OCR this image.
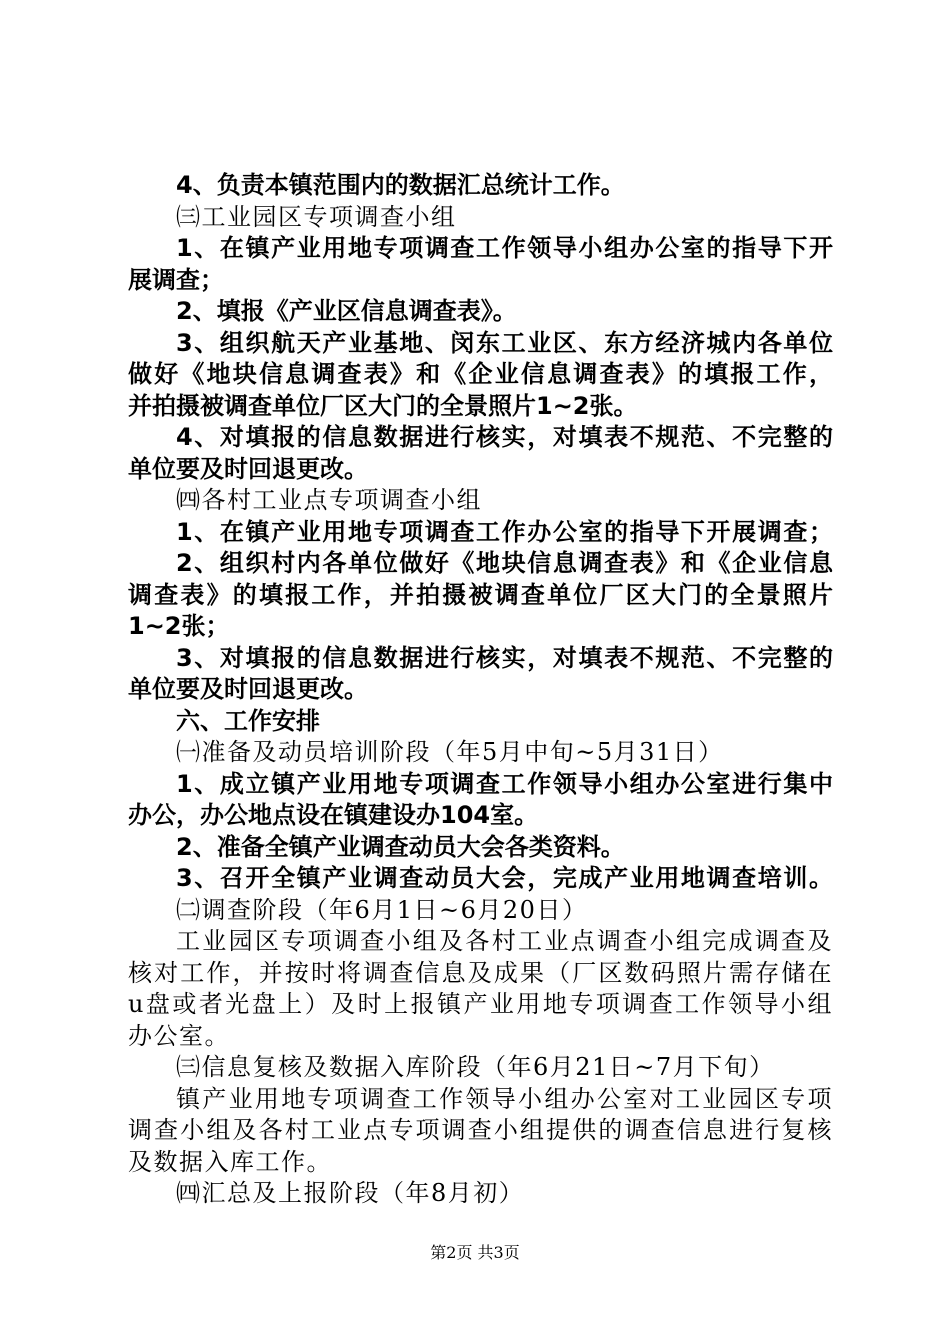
4、负责本镇范围内的数据汇总统计工作。
㈢工业园区专项调查小组
1、在镇产业用地专项调查工作领导小组办公室的指导下开
展调查；
2、填报《产业区信息调查表》。
3、组织航天产业基地、闵东工业区、东方经济城内各单位
做好《地块信息调查表》和《企业信息调查表》的填报工作，
并拍摄被调查单位厂区大门的全景照片1~2张。
4、对填报的信息数据进行核实，对填表不规范、不完整的
单位要及时回退更改。
㈣各村工业点专项调查小组
1、在镇产业用地专项调查工作办公室的指导下开展调查；
2、组织村内各单位做好《地块信息调查表》和《企业信息
调查表》的填报工作，并拍摄被调查单位厂区大门的全景照片
1~2张；
3、对填报的信息数据进行核实，对填表不规范、不完整的
单位要及时回退更改。
六、工作安排
㈠准备及动员培训阶段（年5月中旬~5月31日）
1、成立镇产业用地专项调查工作领导小组办公室进行集中
办公，办公地点设在镇建设办104室。
2、准备全镇产业调查动员大会各类资料。
3、召开全镇产业调查动员大会，完成产业用地调查培训。
㈡调查阶段（年6月1日~6月20日）
工业园区专项调查小组及各村工业点调查小组完成调查及
核对工作，并按时将调查信息及成果（厂区数码照片需存储在
u盘或者光盘上）及时上报镇产业用地专项调查工作领导小组
办公室。
㈢信息复核及数据入库阶段（年6月21日~7月下旬）
镇产业用地专项调查工作领导小组办公室对工业园区专项
调查小组及各村工业点专项调查小组提供的调查信息进行复核
及数据入库工作。
㈣汇总及上报阶段（年8月初）
第2页 共3页
